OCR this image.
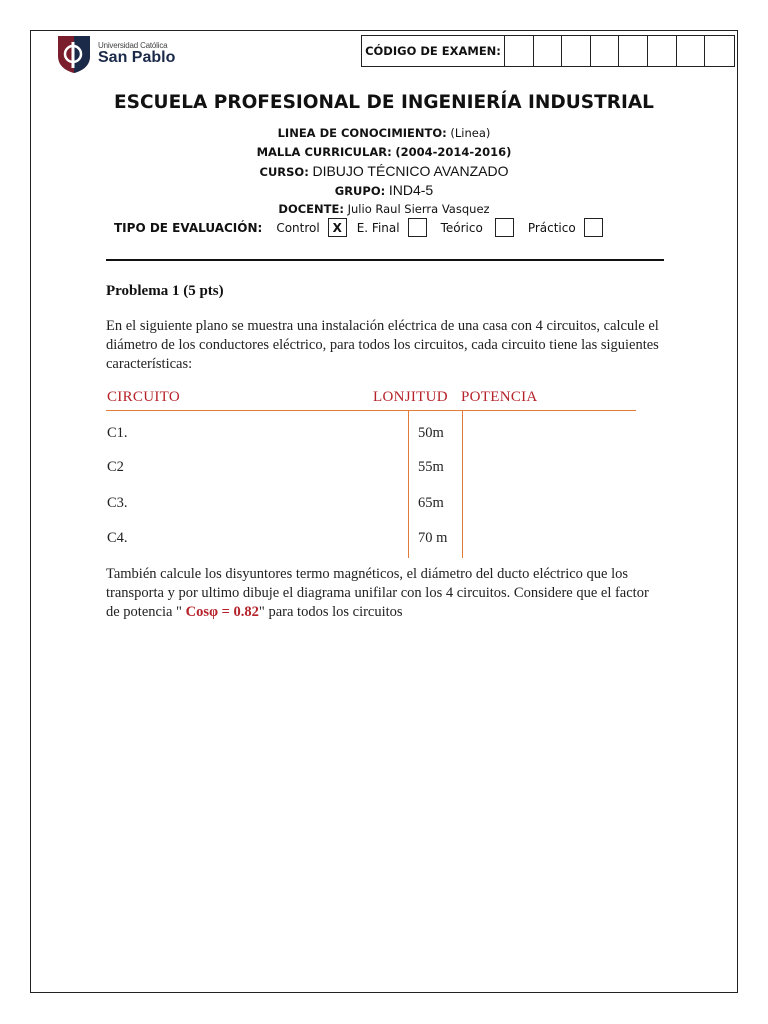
Universidad Católica
San Pablo	CÓDIGO DE EXAMEN:
ESCUELA PROFESIONAL DE INGENIERÍA INDUSTRIAL
LINEA DE CONOCIMIENTO: (Linea)
MALLA CURRICULAR: (2004-2014-2016)
CURSO: DIBUJO TÉCNICO AVANZADO
GRUPO: IND4-5
DOCENTE: Julio Raul Sierra Vasquez
TIPO DE EVALUACIÓN: Control	X	E. Final	Teórico	Práctico
Problema 1 (5 pts)
En el siguiente plano se muestra una instalación eléctrica de una casa con 4 circuitos, calcule el diámetro de los conductores eléctrico, para todos los circuitos, cada circuito tiene las siguientes características:
CIRCUITO	LONJITUD POTENCIA
C1.	50m
C2	55m
C3.	65m
C4.	70 m
También calcule los disyuntores termo magnéticos, el diámetro del ducto eléctrico que los transporta y por ultimo dibuje el diagrama unifilar con los 4 circuitos. Considere que el factor de potencia " Cosφ = 0.82" para todos los circuitos
